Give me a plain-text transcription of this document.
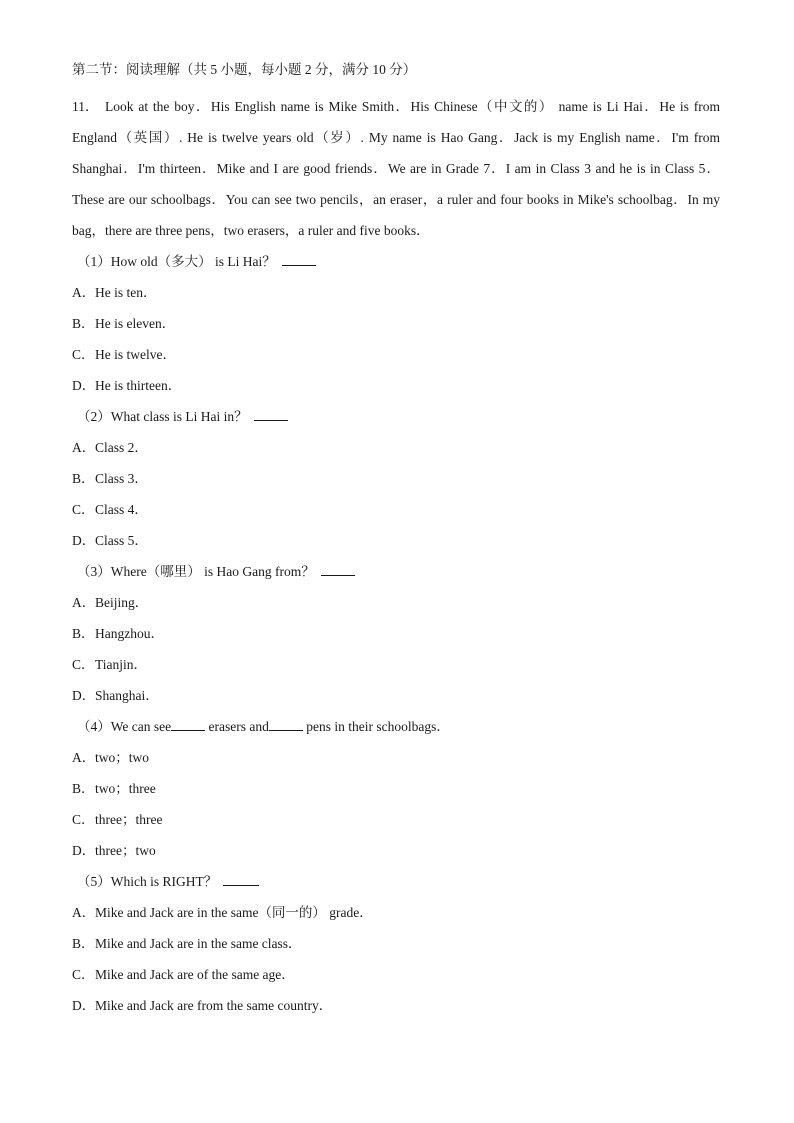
第二节：阅读理解（共 5 小题，每小题 2 分，满分 10 分）

11． Look at the boy．His English name is Mike Smith．His Chinese（中文的） name is Li Hai．He is from England（英国）. He is twelve years old（岁）. My name is Hao Gang．Jack is my English name．I'm from Shanghai．I'm thirteen．Mike and I are good friends．We are in Grade 7．I am in Class 3 and he is in Class 5．These are our schoolbags．You can see two pencils，an eraser，a ruler and four books in Mike's schoolbag．In my bag，there are three pens，two erasers，a ruler and five books．

（1）How old（多大） is Li Hai？
A．He is ten．
B．He is eleven．
C．He is twelve．
D．He is thirteen．
（2）What class is Li Hai in？
A．Class 2．
B．Class 3．
C．Class 4．
D．Class 5．
（3）Where（哪里） is Hao Gang from？
A．Beijing．
B．Hangzhou．
C．Tianjin．
D．Shanghai．
（4）We can see	erasers and	pens in their schoolbags．
A．two；two
B．two；three
C．three；three
D．three；two
（5）Which is RIGHT？
A．Mike and Jack are in the same（同一的） grade．
B．Mike and Jack are in the same class．
C．Mike and Jack are of the same age．
D．Mike and Jack are from the same country．
